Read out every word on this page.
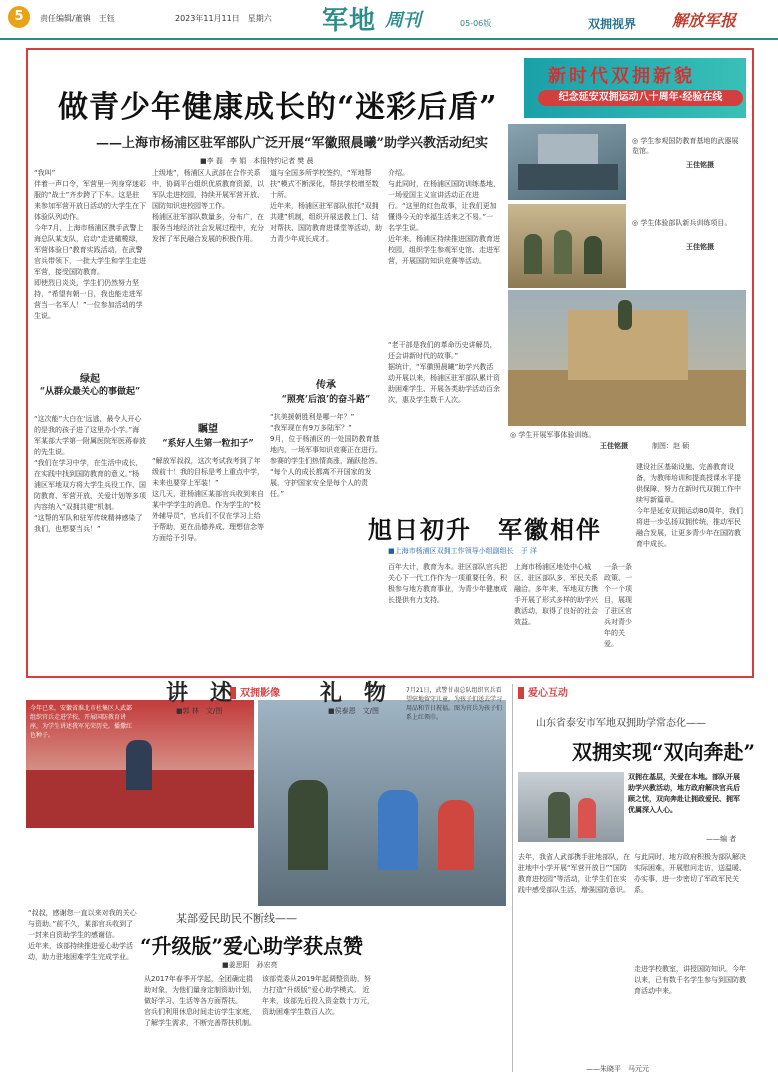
5	责任编辑/董镇　王钰	2023年11月11日　星期六 军地 周刊	05-06版	双拥视界 解放军报
新时代双拥新貌
纪念延安双拥运动八十周年·经验在线
做青少年健康成长的“迷彩后盾”
——上海市杨浦区驻军部队广泛开展“军徽照晨曦”助学兴教活动纪实
■李 磊　李 娟　本报特约记者 樊 晨
“我叫”
伴着一声口令，军营里一列身穿迷彩服的“战士”齐步跨了下车。这是驻来参加军营开放日活动的大学生在下体验队列动作。
今年7月，上海市杨浦区携手武警上海总队某支队，启动“走进橄榄绿，军营体验日”教育实践活动，在武警官兵带领下，一批大学生和学生走进军营，接受国防教育。
即使烈日炎炎，学生们仍然努力坚持，“希望有朝一日，我也能走进军营当一名军人！”一位参加活动的学生说。
绿起
“从群众最关心的事做起”
“这次能”大白在‘远逃，最令人开心的是我的孩子进了这里办小学。”海军某部大学第一附属医院军医蒋春波的先生说。
“我们在学习中学，在生活中成长，在实践中找到国防教育的意义。”杨浦区军地双方将大学生兵役工作、国防教育、军营开放、关爱计划等多项内容纳入“双拥共建”机制。
“这帮的军队和驻军传统精神感染了我们，也想要当兵！”
上级地”，杨浦区人武部在合作关系中，协调平台组织优质教育资源，以军队走进校园，持续开展军营开放、国防知识进校园等工作。
杨浦区驻军部队数量多，分布广，在服务当地经济社会发展过程中，充分发挥了军民融合发展的积极作用。
瞩望
“系好人生第一粒扣子”
“解放军叔叔，这次考试我考到了年级前十！我的目标是考上重点中学，未来也要穿上军装！”
这几天，驻杨浦区某部官兵收到来自某中学学生的消息。作为学生的“校外辅导员”，官兵们不仅在学习上给予帮助，更在品德养成、理想信念等方面给予引导。
道与全国多所学校签约，“军地帮扶”模式不断深化，帮扶学校增至数十所。
近年来，杨浦区驻军部队依托“双拥共建”机制，组织开展送教上门、结对帮扶、国防教育进课堂等活动，助力青少年成长成才。
传承
“照亮‘后浪’的奋斗路”
“抗美援朝胜利是哪一年？”
“我军现在有9万多陆军？”
9月，位于杨浦区的一处国防教育基地内，一场军事知识竞赛正在进行。参赛的学生们热情高涨，踊跃抢答。
“每个人的成长都离不开国家的发展，守护国家安全是每个人的责任。”
介绍。
与此同时，在杨浦区国防训练基地，一场爱国主义宣讲活动正在进行。“这里的红色故事，让我们更加懂得今天的幸福生活来之不易。”一名学生说。
近年来，杨浦区持续推进国防教育进校园，组织学生参观军史馆、走进军营，开展国防知识竞赛等活动。
“老干部是我们的革命历史讲解员，还会讲新时代的故事。”
据统计，“军徽照晨曦”助学兴教活动开展以来，杨浦区驻军部队累计资助困难学生、开展各类助学活动百余次，惠及学生数千人次。
◎ 学生参观国防教育基地的武器展览馆。
王佳铭摄
◎ 学生体验部队新兵训练项目。
王佳铭摄
◎ 学生开展军事体验训练。
王佳铭摄	制图：赵 硕
旭日初升　军徽相伴
■上海市杨浦区双拥工作领导小组副组长　于 洋
百年大计，教育为本。驻区部队官兵把关心下一代工作作为一项重要任务，积极参与地方教育事业，为青少年健康成长提供有力支持。
上海市杨浦区地处中心城区，驻区部队多，军民关系融洽。多年来，军地双方携手开展了形式多样的助学兴教活动，取得了良好的社会效益。
一条一条政策、一个一个项目，展现了驻区官兵对青少年的关爱。
建设社区基础设施、完善教育设备，为教师培训和提高授课水平提供保障，努力在新时代双拥工作中续写新篇章。
今年是延安双拥运动80周年，我们将进一步弘扬双拥传统，推动军民融合发展，让更多青少年在国防教育中成长。
双拥影像
今年已来，安徽省淮北市杜集区人武部组织官兵走进学校，开展国防教育讲座，为学生讲述我军光荣历史，播撒红色种子。
讲　述
■郭 林　文/图
礼　物
■侯泰恩　文/图
7月21日，武警甘肃总队组织官兵看望驻地留守儿童，为孩子们送去学习用品和节日祝福。图为官兵为孩子们系上红领巾。
“叔叔，感谢您一直以来对我的关心与资助。”前不久，某部官兵收到了一封来自资助学生的感谢信。
近年来，该部持续推进爱心助学活动，助力驻地困难学生完成学业。
某部爱民助民不断线——
“升级版”爱心助学获点赞
■姜思阳　孙宏亮
从2017年春季开学起，全团确定捐助对象，为他们量身定制资助计划，做好学习、生活等各方面帮扶。
官兵们利用休息时间走访学生家庭，了解学生需求，不断完善帮扶机制。
该部党委从2019年起调整资助，努力打造“升级版”爱心助学模式。 近年来，该部先后投入资金数十万元，资助困难学生数百人次。
爱心互动
山东省泰安市军地双拥助学常态化——
双拥实现“双向奔赴”
双拥在基层，关爱在本地。部队开展助学兴教活动，地方政府解决官兵后顾之忧，双向奔赴让拥政爱民、拥军优属深入人心。
——编 者
去年，我省人武部携手驻地部队，在驻地中小学开展“军营开放日”“国防教育进校园”等活动，让学生们在实践中感受部队生活、增强国防意识。
与此同时，地方政府积极为部队解决实际困难，开展慰问走访，送温暖、办实事，进一步密切了军政军民关系。
走进学校教室，讲授国防知识。今年以来，已有数千名学生参与到国防教育活动中来。
——朱晓平　马元元
